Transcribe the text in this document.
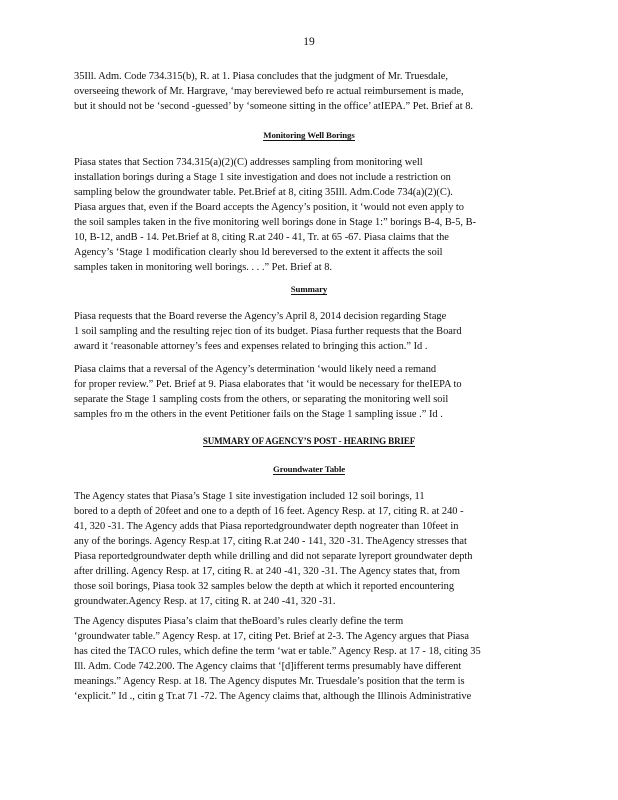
19
35Ill. Adm. Code 734.315(b), R. at 1. Piasa concludes that the judgment of Mr. Truesdale,
overseeing thework of Mr. Hargrave, ‘may bereviewed befo re actual reimbursement is made,
but it should not be ‘second -guessed’ by ‘someone sitting in the office’ atIEPA.” Pet. Brief at 8.
Monitoring Well Borings
Piasa states that Section 734.315(a)(2)(C) addresses sampling from monitoring well
installation borings during a Stage 1 site investigation and does not include a restriction on
sampling below the groundwater table. Pet.Brief at 8, citing 35Ill. Adm.Code 734(a)(2)(C).
Piasa argues that, even if the Board accepts the Agency’s position, it ‘would not even apply to
the soil samples taken in the five monitoring well borings done in Stage 1:” borings B-4, B-5, B-
10, B-12, andB - 14. Pet.Brief at 8, citing R.at 240 - 41, Tr. at 65 -67. Piasa claims that the
Agency’s ‘Stage 1 modification clearly shou ld bereversed to the extent it affects the soil
samples taken in monitoring well borings. . . .” Pet. Brief at 8.
Summary
Piasa requests that the Board reverse the Agency’s April 8, 2014 decision regarding Stage
1 soil sampling and the resulting rejec tion of its budget. Piasa further requests that the Board
award it ‘reasonable attorney’s fees and expenses related to bringing this action.” Id .
Piasa claims that a reversal of the Agency’s determination ‘would likely need a remand
for proper review.” Pet. Brief at 9. Piasa elaborates that ‘it would be necessary for theIEPA to
separate the Stage 1 sampling costs from the others, or separating the monitoring well soil
samples fro m the others in the event Petitioner fails on the Stage 1 sampling issue .” Id .
SUMMARY OF AGENCY’S POST - HEARING BRIEF
Groundwater Table
The Agency states that Piasa’s Stage 1 site investigation included 12 soil borings, 11
bored to a depth of 20feet and one to a depth of 16 feet. Agency Resp. at 17, citing R. at 240 -
41, 320 -31. The Agency adds that Piasa reportedgroundwater depth nogreater than 10feet in
any of the borings. Agency Resp.at 17, citing R.at 240 - 141, 320 -31. TheAgency stresses that
Piasa reportedgroundwater depth while drilling and did not separate lyreport groundwater depth
after drilling. Agency Resp. at 17, citing R. at 240 -41, 320 -31. The Agency states that, from
those soil borings, Piasa took 32 samples below the depth at which it reported encountering
groundwater.Agency Resp. at 17, citing R. at 240 -41, 320 -31.
The Agency disputes Piasa’s claim that theBoard’s rules clearly define the term
‘groundwater table.” Agency Resp. at 17, citing Pet. Brief at 2-3. The Agency argues that Piasa
has cited the TACO rules, which define the term ‘wat er table.” Agency Resp. at 17 - 18, citing 35
Ill. Adm. Code 742.200. The Agency claims that ‘[d]ifferent terms presumably have different
meanings.” Agency Resp. at 18. The Agency disputes Mr. Truesdale’s position that the term is
‘explicit.” Id ., citin g Tr.at 71 -72. The Agency claims that, although the Illinois Administrative
